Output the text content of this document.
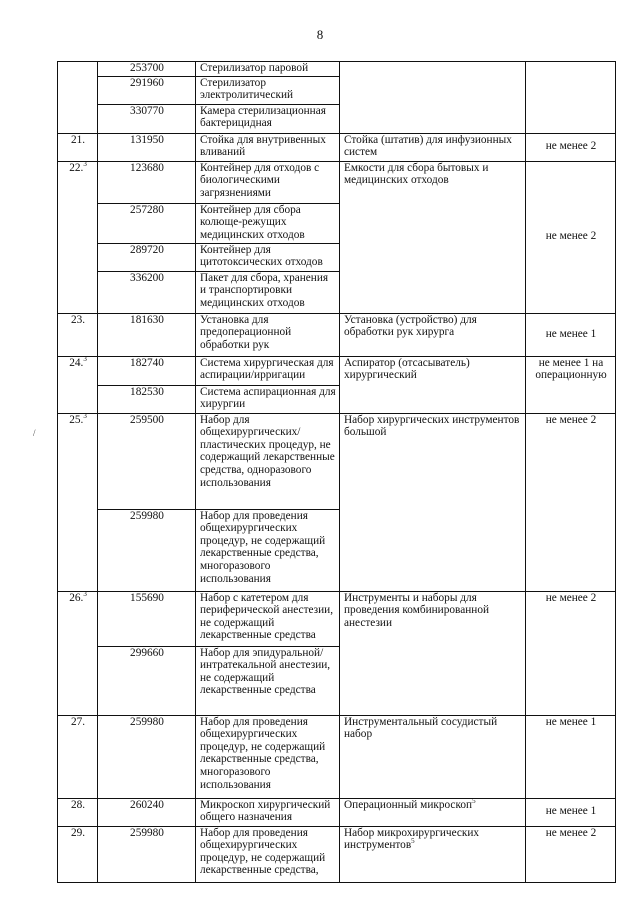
8
/
	253700	Стерилизатор паровой		
	291960	Стерилизатор электролитический		
	330770	Камера стерилизационная бактерицидная		
21.	131950	Стойка для внутривенных вливаний	Стойка (штатив) для инфузионных систем	не менее 2
22.$^3$	123680	Контейнер для отходов с биологическими загрязнениями	Емкости для сбора бытовых и медицинских отходов	не менее 2
	257280	Контейнер для сбора колюще-режущих медицинских отходов		
	289720	Контейнер для цитотоксических отходов		
	336200	Пакет для сбора, хранения и транспортировки медицинских отходов		
23.	181630	Установка для предоперационной обработки рук	Установка (устройство) для обработки рук хирурга	не менее 1
24.$^3$	182740	Система хирургическая для аспирации/ирригации	Аспиратор (отсасыватель) хирургический	не менее 1 на операционную
	182530	Система аспирационная для хирургии		
25.$^3$	259500	Набор для общехирургических/пластических процедур, не содержащий лекарственные средства, одноразового использования	Набор хирургических инструментов большой	не менее 2
	259980	Набор для проведения общехирургических процедур, не содержащий лекарственные средства, многоразового использования		
26.$^3$	155690	Набор с катетером для периферической анестезии, не содержащий лекарственные средства	Инструменты и наборы для проведения комбинированной анестезии	не менее 2
	299660	Набор для эпидуральной/интратекальной анестезии, не содержащий лекарственные средства		
27.	259980	Набор для проведения общехирургических процедур, не содержащий лекарственные средства, многоразового использования	Инструментальный сосудистый набор	не менее 1
28.	260240	Микроскоп хирургический общего назначения	Операционный микроскоп$^5$	не менее 1
29.	259980	Набор для проведения общехирургических процедур, не содержащий лекарственные средства,	Набор микрохирургических инструментов$^5$	не менее 2
